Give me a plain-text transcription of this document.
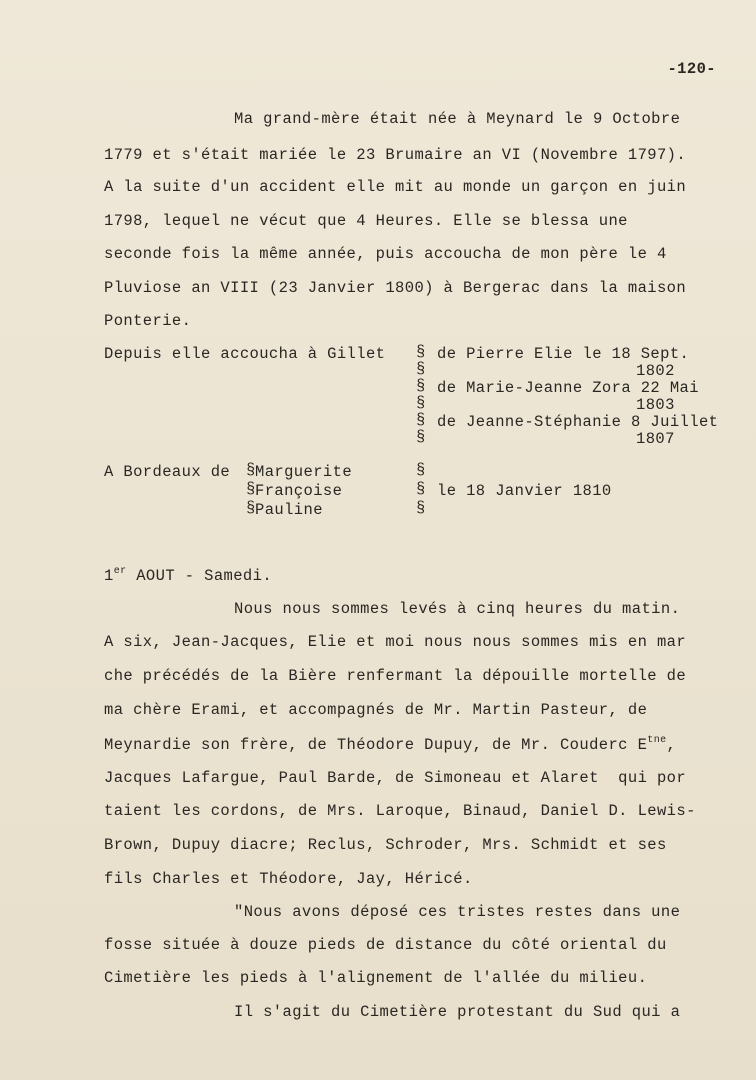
-120-
Ma grand-mère était née à Meynard le 9 Octobre
1779 et s'était mariée le 23 Brumaire an VI (Novembre 1797).
A la suite d'un accident elle mit au monde un garçon en juin
1798, lequel ne vécut que 4 Heures. Elle se blessa une
seconde fois la même année, puis accoucha de mon père le 4
Pluviose an VIII (23 Janvier 1800) à Bergerac dans la maison
Ponterie.
Depuis elle accoucha à Gillet §
§
§
§
§
§
de Pierre Elie le 18 Sept.
1802
de Marie-Jeanne Zora 22 Mai
1803
de Jeanne-Stéphanie 8 Juillet
1807
A Bordeaux de §
§
§
Marguerite
Françoise
Pauline
§
§
§
le 18 Janvier 1810
1er AOUT - Samedi.
Nous nous sommes levés à cinq heures du matin.
A six, Jean-Jacques, Elie et moi nous nous sommes mis en mar
che précédés de la Bière renfermant la dépouille mortelle de
ma chère Erami, et accompagnés de Mr. Martin Pasteur, de
Meynardie son frère, de Théodore Dupuy, de Mr. Couderc $E^{tne}$,
Jacques Lafargue, Paul Barde, de Simoneau et Alaret  qui por
taient les cordons, de Mrs. Laroque, Binaud, Daniel D. Lewis-
Brown, Dupuy diacre; Reclus, Schroder, Mrs. Schmidt et ses
fils Charles et Théodore, Jay, Héricé.
"Nous avons déposé ces tristes restes dans une
fosse située à douze pieds de distance du côté oriental du
Cimetière les pieds à l'alignement de l'allée du milieu.
Il s'agit du Cimetière protestant du Sud qui a
